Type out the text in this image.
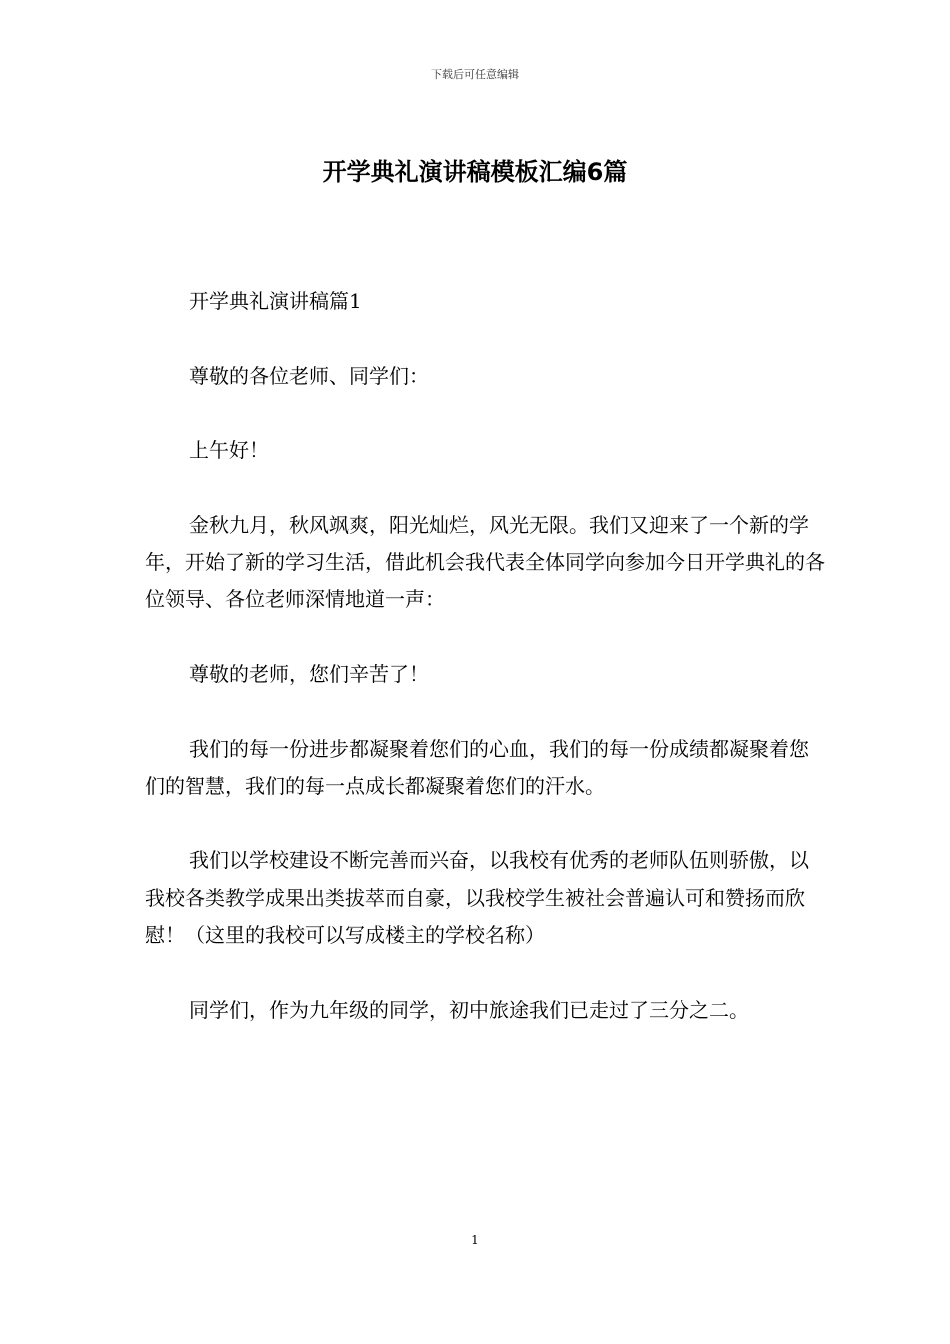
下载后可任意编辑
开学典礼演讲稿模板汇编6篇

开学典礼演讲稿篇1

尊敬的各位老师、同学们：

上午好！

金秋九月，秋风飒爽，阳光灿烂，风光无限。我们又迎来了一个新的学年，开始了新的学习生活，借此机会我代表全体同学向参加今日开学典礼的各位领导、各位老师深情地道一声：

尊敬的老师，您们辛苦了！

我们的每一份进步都凝聚着您们的心血，我们的每一份成绩都凝聚着您们的智慧，我们的每一点成长都凝聚着您们的汗水。

我们以学校建设不断完善而兴奋，以我校有优秀的老师队伍则骄傲，以我校各类教学成果出类拔萃而自豪，以我校学生被社会普遍认可和赞扬而欣慰！（这里的我校可以写成楼主的学校名称）

同学们，作为九年级的同学，初中旅途我们已走过了三分之二。

1
